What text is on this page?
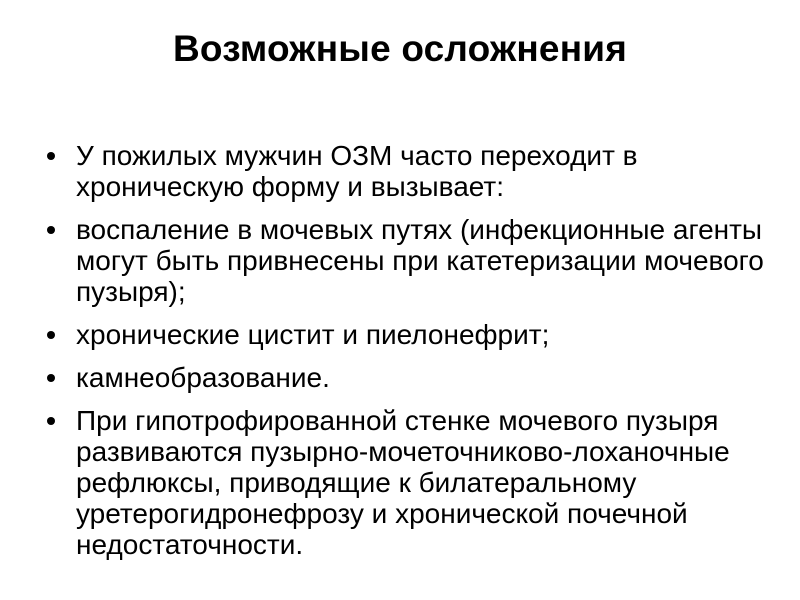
Возможные осложнения
У пожилых мужчин ОЗМ часто переходит в хроническую форму и вызывает:
воспаление в мочевых путях (инфекционные агенты могут быть привнесены при катетеризации мочевого пузыря);
хронические цистит и пиелонефрит;
камнеобразование.
При гипотрофированной стенке мочевого пузыря развиваются пузырно-мочеточниково-лоханочные рефлюксы, приводящие к билатеральному уретерогидронефрозу и хронической почечной недостаточности.
